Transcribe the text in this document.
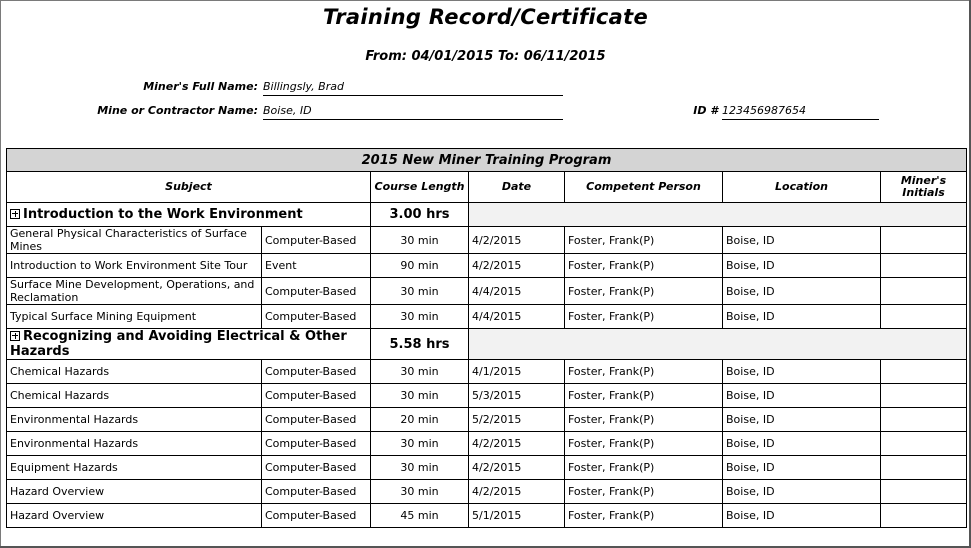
Training Record/Certificate
From: 04/01/2015 To: 06/11/2015
Miner's Full Name: Billingsly, Brad
Mine or Contractor Name: Boise, ID	ID # 123456987654
2015 New Miner Training Program						
Subject		Course Length	Date	Competent Person	Location	Miner's Initials
Introduction to the Work Environment		3.00 hrs				
General Physical Characteristics of Surface Mines	Computer-Based	30 min	4/2/2015	Foster, Frank(P)	Boise, ID	
Introduction to Work Environment Site Tour	Event	90 min	4/2/2015	Foster, Frank(P)	Boise, ID	
Surface Mine Development, Operations, and Reclamation	Computer-Based	30 min	4/4/2015	Foster, Frank(P)	Boise, ID	
Typical Surface Mining Equipment	Computer-Based	30 min	4/4/2015	Foster, Frank(P)	Boise, ID	
Recognizing and Avoiding Electrical & Other Hazards		5.58 hrs				
Chemical Hazards	Computer-Based	30 min	4/1/2015	Foster, Frank(P)	Boise, ID	
Chemical Hazards	Computer-Based	30 min	5/3/2015	Foster, Frank(P)	Boise, ID	
Environmental Hazards	Computer-Based	20 min	5/2/2015	Foster, Frank(P)	Boise, ID	
Environmental Hazards	Computer-Based	30 min	4/2/2015	Foster, Frank(P)	Boise, ID	
Equipment Hazards	Computer-Based	30 min	4/2/2015	Foster, Frank(P)	Boise, ID	
Hazard Overview	Computer-Based	30 min	4/2/2015	Foster, Frank(P)	Boise, ID	
Hazard Overview	Computer-Based	45 min	5/1/2015	Foster, Frank(P)	Boise, ID	
